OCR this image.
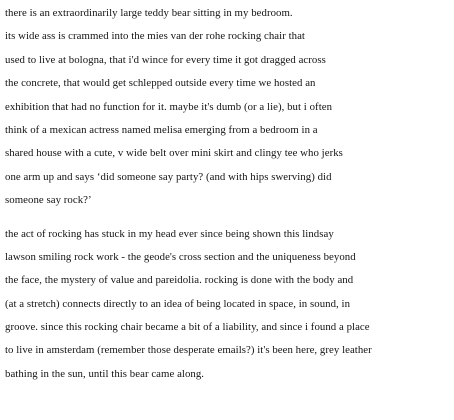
there is an extraordinarily large teddy bear sitting in my bedroom.
its wide ass is crammed into the mies van der rohe rocking chair that
used to live at bologna, that i'd wince for every time it got dragged across
the concrete, that would get schlepped outside every time we hosted an
exhibition that had no function for it. maybe it's dumb (or a lie), but i often
think of a mexican actress named melisa emerging from a bedroom in a
shared house with a cute, v wide belt over mini skirt and clingy tee who jerks
one arm up and says ‘did someone say party? (and with hips swerving) did
someone say rock?’
the act of rocking has stuck in my head ever since being shown this lindsay
lawson smiling rock work - the geode's cross section and the uniqueness beyond
the face, the mystery of value and pareidolia. rocking is done with the body and
(at a stretch) connects directly to an idea of being located in space, in sound, in
groove. since this rocking chair became a bit of a liability, and since i found a place
to live in amsterdam (remember those desperate emails?) it's been here, grey leather
bathing in the sun, until this bear came along.
